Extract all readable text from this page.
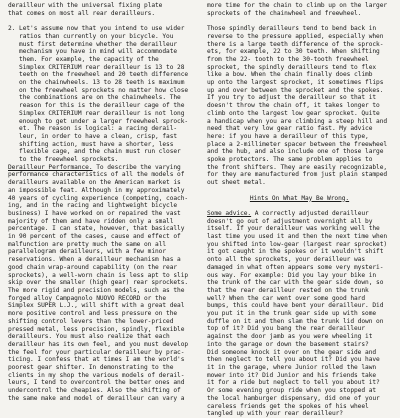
derailleur with the universal fixing plate
that comes on most all rear derailleurs.
2. Let's assume now that you intend to use wider
ratios than currently on your bicycle. You
must first determine whether the derailleur
mechanism you have in mind will accommodate
them. For example, the capacity of the
Simplex CRITERIUM rear derailleur is 13 to 28
teeth on the freewheel and 20 teeth difference
on the chainwheels. 13 to 28 teeth is maximum
on the freewheel sprockets no matter how close
the combinations are on the chainwheels. The
reason for this is the derailleur cage of the
Simplex CRITERIUM rear derailleur is not long
enough to get under a larger freewheel sprock-
et. The reason is logical: a racing derail-
leur, in order to have a clean, crisp, fast
shifting action, must have a shorter, less
flexible cage, and the chain must run closer
to the freewheel sprockets.
Derailleur Performance. To describe the varying
performance characteristics of all the models of
derailleurs available on the American market is
an impossible feat. Although in my approximately
40 years of cycling experience (competing, coach-
ing, and in the racing and lightweight bicycle
business) I have worked on or repaired the vast
majority of them and have ridden only a small
percentage. I can state, however, that basically
in 90 percent of the cases, cause and effect of
malfunction are pretty much the same on all
parallelogram derailleurs, with a few minor
reservations. When a derailleur mechanism has a
good chain wrap-around capability (on the rear
sprockets), a well-worn chain is less apt to slip
skip over the smaller (high gear) rear sprockets.
The more rigid and precision models, such as the
forged alloy Campagnolo NUOVO RECORD or the
Simplex SUPER L.J., will shift with a great deal
more positive control and less pressure on the
shifting control levers than the lower-priced
pressed metal, less precision, spindly, flexible
derailleurs. You must also realize that each
derailleur has its own feel, and you must develop
the feel for your particular derailleur by prac-
ticing. I confess that at times I am the world's
poorest gear shifter. In demonstrating to the
clients in my shop the various models of derail-
leurs, I tend to overcontrol the better ones and
undercontrol the cheapies. Also the shifting of
the same make and model of derailleur can vary a
more time for the chain to climb up on the larger
sprockets of the chainwheel and freewheel.
Those spindly derailleurs tend to bend back in
reverse to the pressure applied, especially when
there is a large teeth difference of the sprock-
ets, for example, 22 to 30 teeth. When shifting
from the 22- tooth to the 30-tooth freewheel
sprocket, the spindly derailleurs tend to flex
like a bow. When the chain finally does climb
up onto the largest sprocket, it sometimes flips
up and over between the sprocket and the spokes.
If you try to adjust the derailleur so that it
doesn't throw the chain off, it takes longer to
climb onto the largest low gear sprocket. Quite
a handicap when you are climbing a steep hill and
need that very low gear ratio fast. My advice
here: if you have a derailleur of this type,
place a 2-millimeter spacer between the freewheel
and the hub, and also include one of those large
spoke protectors. The same problem applies to
the front shifters. They are easily recognizable,
for they are manufactured from just plain stamped
out sheet metal.
Hints On What May Be Wrong.
Some advice. A correctly adjusted derailleur
doesn't go out of adjustment overnight all by
itself. If your derailleur was working well the
last time you used it and then the next time when
you shifted into low-gear (largest rear sprocket)
it got caught in the spokes or it wouldn't shift
onto all the sprockets, your derailleur was
damaged in what often appears some very mysteri-
ous way. For example: Did you lay your bike in
the trunk of the car with the gear side down, so
that the rear derailleur rested on the trunk
well? When the car went over some good hard
bumps, this could have bent your derailleur. Did
you put it in the trunk gear side up with some
duffle on it and then slam the trunk lid down on
top of it? Did you bang the rear derailleur
against the door jamb as you were wheeling it
into the garage or down the basement stairs?
Did someone knock it over on the gear side and
then neglect to tell you about it? Did you have
it in the garage, where Junior rolled the lawn
mower into it? Did Junior and his friends take
it for a ride but neglect to tell you about it?
Or some evening group ride when you stopped at
the local hamburger dispensary, did one of your
careless friends get the spokes of his wheel
tangled up with your rear derailleur?
